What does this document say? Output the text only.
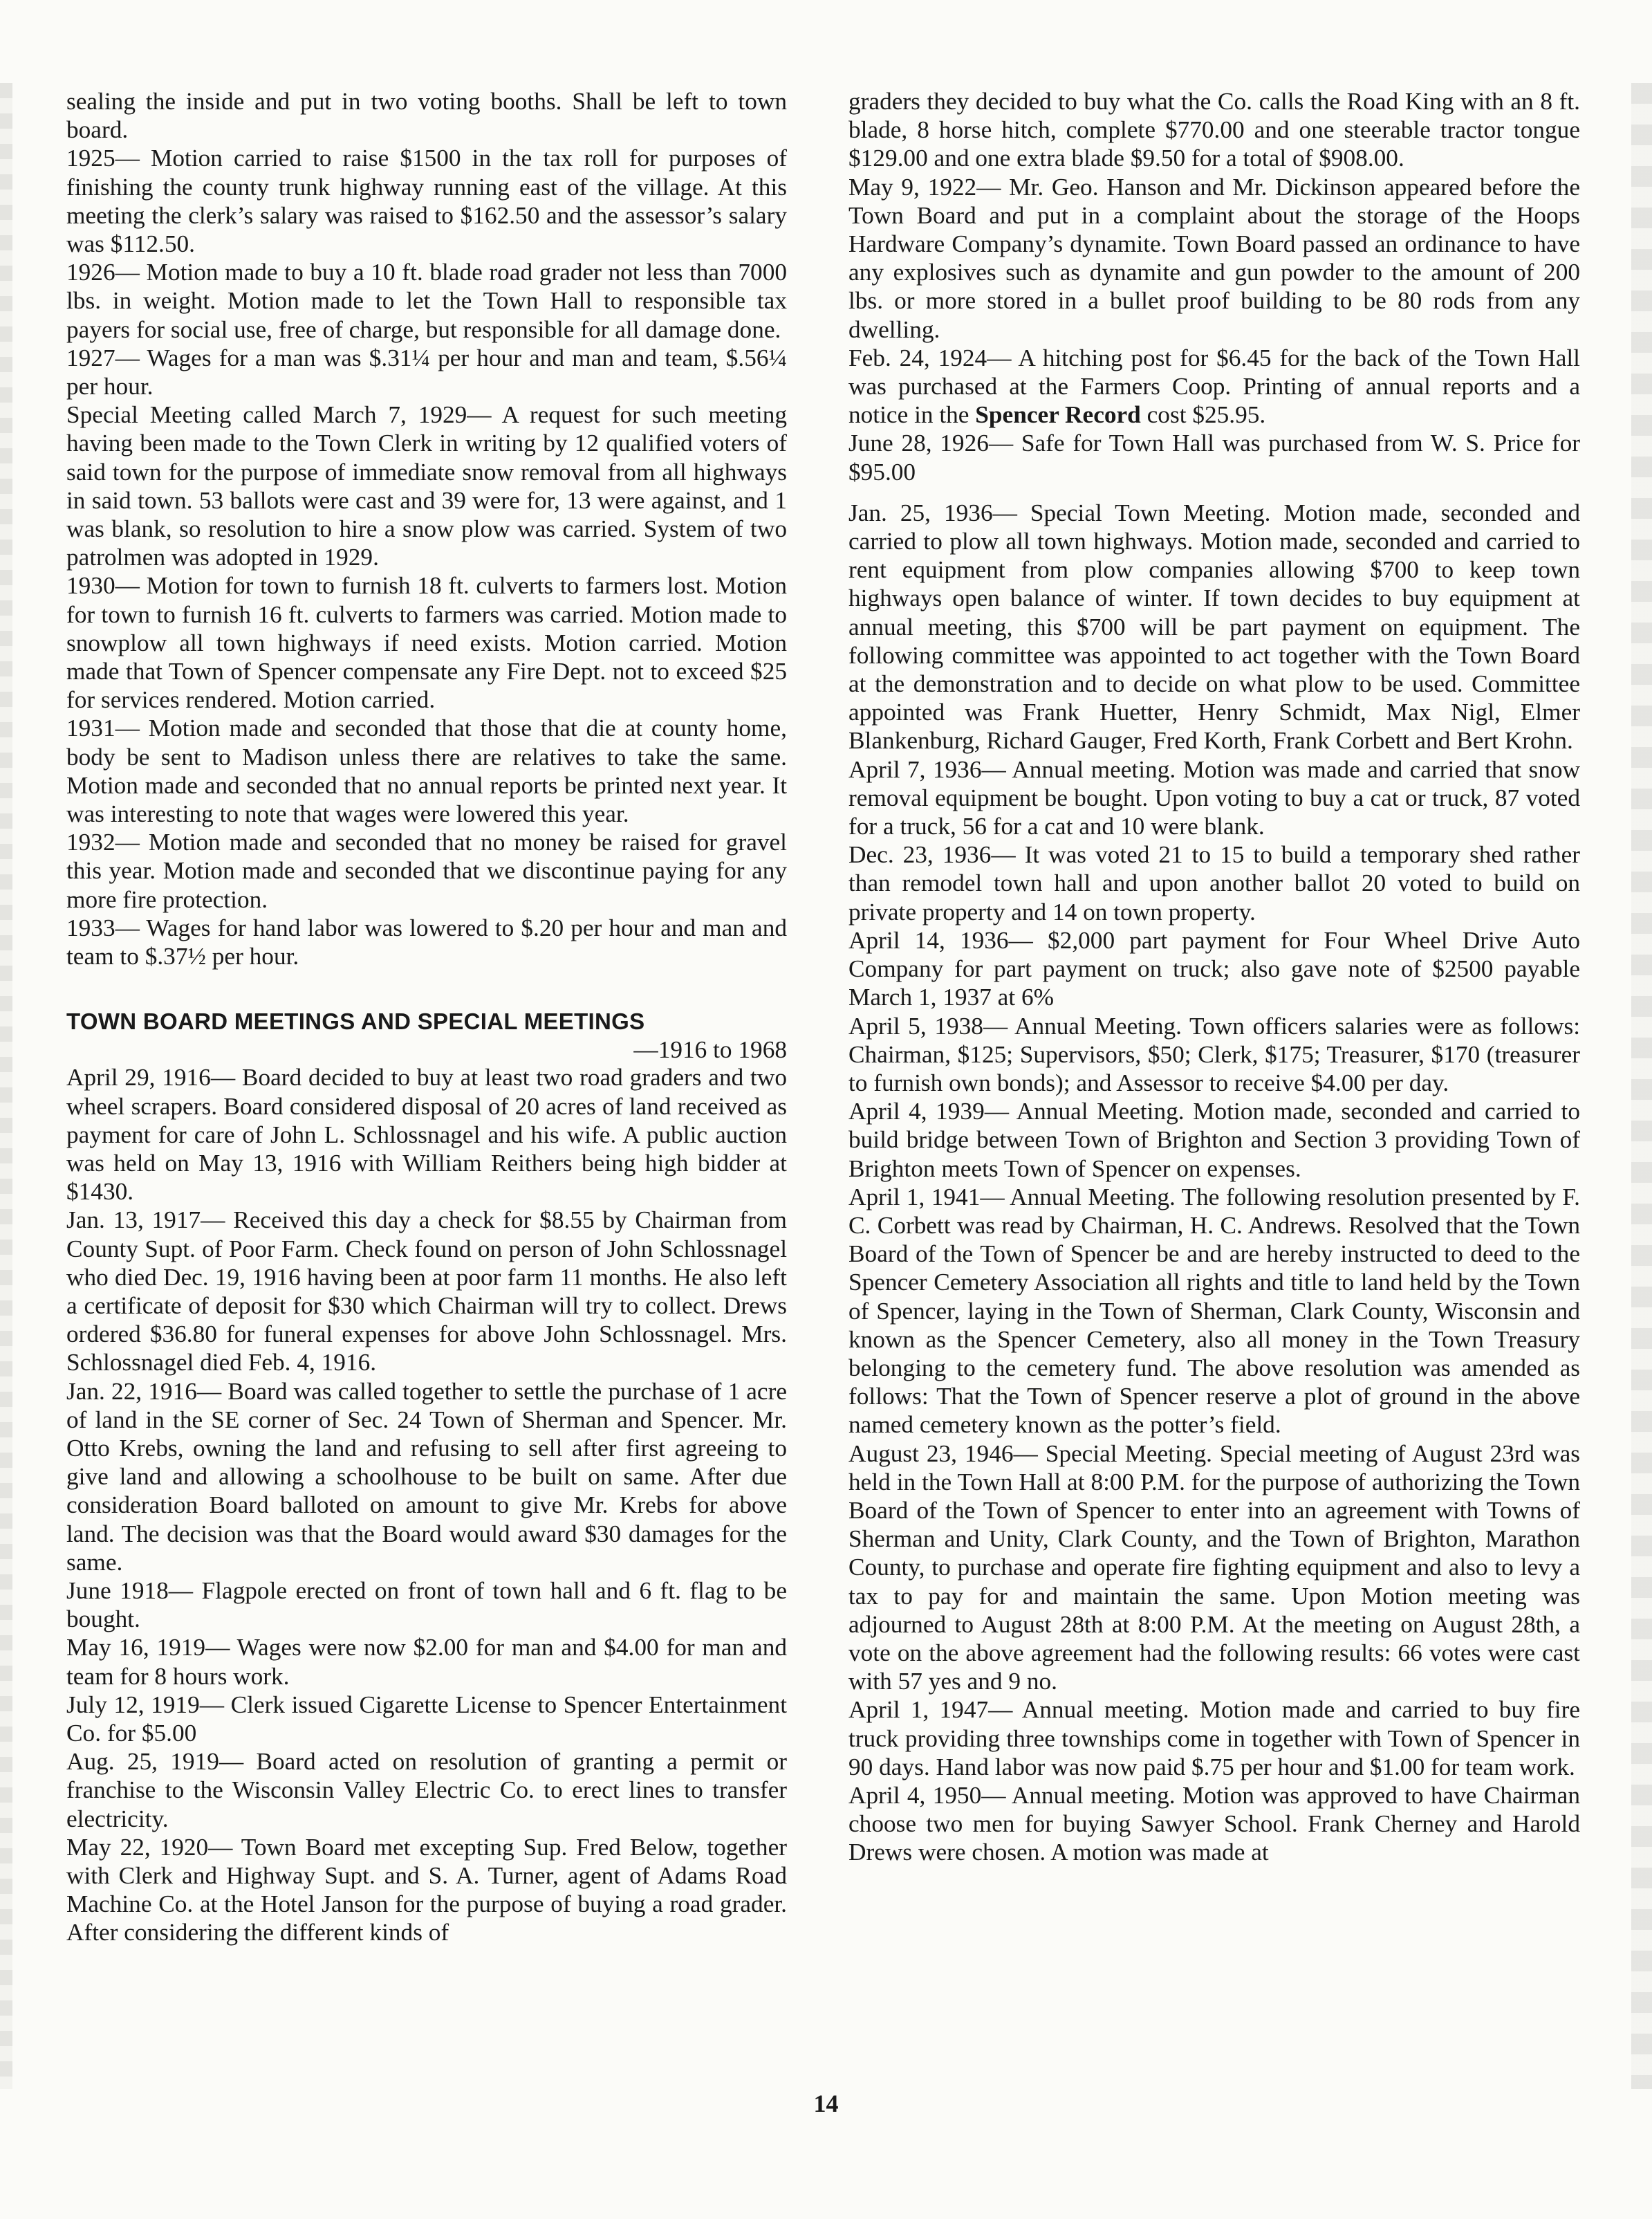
sealing the inside and put in two voting booths. Shall be left to town board.

1925— Motion carried to raise $1500 in the tax roll for purposes of finishing the county trunk highway running east of the village. At this meeting the clerk’s salary was raised to $162.50 and the assessor’s salary was $112.50.

1926— Motion made to buy a 10 ft. blade road grader not less than 7000 lbs. in weight. Motion made to let the Town Hall to responsible tax payers for social use, free of charge, but responsible for all damage done.

1927— Wages for a man was $.31¼ per hour and man and team, $.56¼ per hour.

Special Meeting called March 7, 1929— A request for such meeting having been made to the Town Clerk in writing by 12 qualified voters of said town for the purpose of immediate snow removal from all highways in said town. 53 ballots were cast and 39 were for, 13 were against, and 1 was blank, so resolution to hire a snow plow was carried. System of two patrolmen was adopted in 1929.

1930— Motion for town to furnish 18 ft. culverts to farmers lost. Motion for town to furnish 16 ft. culverts to farmers was carried. Motion made to snowplow all town highways if need exists. Motion carried. Motion made that Town of Spencer compensate any Fire Dept. not to exceed $25 for services rendered. Motion carried.

1931— Motion made and seconded that those that die at county home, body be sent to Madison unless there are relatives to take the same. Motion made and seconded that no annual reports be printed next year. It was interesting to note that wages were lowered this year.

1932— Motion made and seconded that no money be raised for gravel this year. Motion made and seconded that we discontinue paying for any more fire protection.

1933— Wages for hand labor was lowered to $.20 per hour and man and team to $.37½ per hour.

TOWN BOARD MEETINGS AND SPECIAL MEETINGS

—1916 to 1968

April 29, 1916— Board decided to buy at least two road graders and two wheel scrapers. Board considered disposal of 20 acres of land received as payment for care of John L. Schlossnagel and his wife. A public auction was held on May 13, 1916 with William Reithers being high bidder at $1430.

Jan. 13, 1917— Received this day a check for $8.55 by Chairman from County Supt. of Poor Farm. Check found on person of John Schlossnagel who died Dec. 19, 1916 having been at poor farm 11 months. He also left a certificate of deposit for $30 which Chairman will try to collect. Drews ordered $36.80 for funeral expenses for above John Schlossnagel. Mrs. Schlossnagel died Feb. 4, 1916.

Jan. 22, 1916— Board was called together to settle the purchase of 1 acre of land in the SE corner of Sec. 24 Town of Sherman and Spencer. Mr. Otto Krebs, owning the land and refusing to sell after first agreeing to give land and allowing a schoolhouse to be built on same. After due consideration Board balloted on amount to give Mr. Krebs for above land. The decision was that the Board would award $30 damages for the same.

June 1918— Flagpole erected on front of town hall and 6 ft. flag to be bought.

May 16, 1919— Wages were now $2.00 for man and $4.00 for man and team for 8 hours work.

July 12, 1919— Clerk issued Cigarette License to Spencer Entertainment Co. for $5.00

Aug. 25, 1919— Board acted on resolution of granting a permit or franchise to the Wisconsin Valley Electric Co. to erect lines to transfer electricity.

May 22, 1920— Town Board met excepting Sup. Fred Below, together with Clerk and Highway Supt. and S. A. Turner, agent of Adams Road Machine Co. at the Hotel Janson for the purpose of buying a road grader. After considering the different kinds of

graders they decided to buy what the Co. calls the Road King with an 8 ft. blade, 8 horse hitch, complete $770.00 and one steerable tractor tongue $129.00 and one extra blade $9.50 for a total of $908.00.

May 9, 1922— Mr. Geo. Hanson and Mr. Dickinson appeared before the Town Board and put in a complaint about the storage of the Hoops Hardware Company’s dynamite. Town Board passed an ordinance to have any explosives such as dynamite and gun powder to the amount of 200 lbs. or more stored in a bullet proof building to be 80 rods from any dwelling.

Feb. 24, 1924— A hitching post for $6.45 for the back of the Town Hall was purchased at the Farmers Coop. Printing of annual reports and a notice in the Spencer Record cost $25.95.

June 28, 1926— Safe for Town Hall was purchased from W. S. Price for $95.00

Jan. 25, 1936— Special Town Meeting. Motion made, seconded and carried to plow all town highways. Motion made, seconded and carried to rent equipment from plow companies allowing $700 to keep town highways open balance of winter. If town decides to buy equipment at annual meeting, this $700 will be part payment on equipment. The following committee was appointed to act together with the Town Board at the demonstration and to decide on what plow to be used. Committee appointed was Frank Huetter, Henry Schmidt, Max Nigl, Elmer Blankenburg, Richard Gauger, Fred Korth, Frank Corbett and Bert Krohn.

April 7, 1936— Annual meeting. Motion was made and carried that snow removal equipment be bought. Upon voting to buy a cat or truck, 87 voted for a truck, 56 for a cat and 10 were blank.

Dec. 23, 1936— It was voted 21 to 15 to build a temporary shed rather than remodel town hall and upon another ballot 20 voted to build on private property and 14 on town property.

April 14, 1936— $2,000 part payment for Four Wheel Drive Auto Company for part payment on truck; also gave note of $2500 payable March 1, 1937 at 6%

April 5, 1938— Annual Meeting. Town officers salaries were as follows: Chairman, $125; Supervisors, $50; Clerk, $175; Treasurer, $170 (treasurer to furnish own bonds); and Assessor to receive $4.00 per day.

April 4, 1939— Annual Meeting. Motion made, seconded and carried to build bridge between Town of Brighton and Section 3 providing Town of Brighton meets Town of Spencer on expenses.

April 1, 1941— Annual Meeting. The following resolution presented by F. C. Corbett was read by Chairman, H. C. Andrews. Resolved that the Town Board of the Town of Spencer be and are hereby instructed to deed to the Spencer Cemetery Association all rights and title to land held by the Town of Spencer, laying in the Town of Sherman, Clark County, Wisconsin and known as the Spencer Cemetery, also all money in the Town Treasury belonging to the cemetery fund. The above resolution was amended as follows: That the Town of Spencer reserve a plot of ground in the above named cemetery known as the potter’s field.

August 23, 1946— Special Meeting. Special meeting of August 23rd was held in the Town Hall at 8:00 P.M. for the purpose of authorizing the Town Board of the Town of Spencer to enter into an agreement with Towns of Sherman and Unity, Clark County, and the Town of Brighton, Marathon County, to purchase and operate fire fighting equipment and also to levy a tax to pay for and maintain the same. Upon Motion meeting was adjourned to August 28th at 8:00 P.M. At the meeting on August 28th, a vote on the above agreement had the following results: 66 votes were cast with 57 yes and 9 no.

April 1, 1947— Annual meeting. Motion made and carried to buy fire truck providing three townships come in together with Town of Spencer in 90 days. Hand labor was now paid $.75 per hour and $1.00 for team work.

April 4, 1950— Annual meeting. Motion was approved to have Chairman choose two men for buying Sawyer School. Frank Cherney and Harold Drews were chosen. A motion was made at

14
